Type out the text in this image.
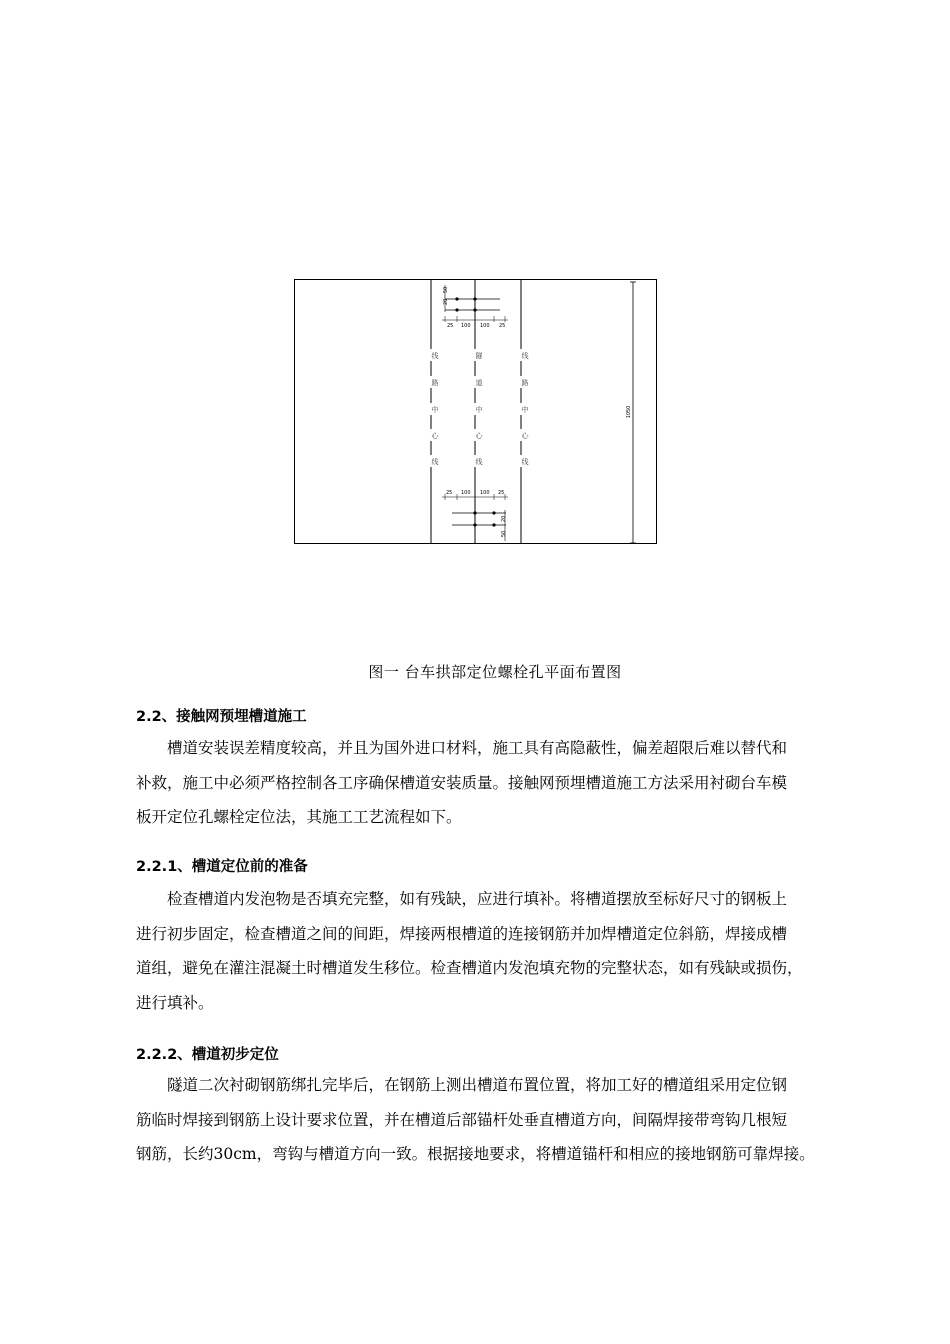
1050
25 100 100 25
50
20
25 100 100 25
20
50
线
路
中
心
线
隧
道
中
心
线
线
路
中
心
线
图一 台车拱部定位螺栓孔平面布置图
2.2、接触网预埋槽道施工
　　槽道安装误差精度较高，并且为国外进口材料，施工具有高隐蔽性，偏差超限后难以替代和
补救，施工中必须严格控制各工序确保槽道安装质量。接触网预埋槽道施工方法采用衬砌台车模
板开定位孔螺栓定位法，其施工工艺流程如下。
2.2.1、槽道定位前的准备
　　检查槽道内发泡物是否填充完整，如有残缺，应进行填补。将槽道摆放至标好尺寸的钢板上
进行初步固定，检查槽道之间的间距，焊接两根槽道的连接钢筋并加焊槽道定位斜筋，焊接成槽
道组，避免在灌注混凝土时槽道发生移位。检查槽道内发泡填充物的完整状态，如有残缺或损伤，
进行填补。
2.2.2、槽道初步定位
　　隧道二次衬砌钢筋绑扎完毕后，在钢筋上测出槽道布置位置，将加工好的槽道组采用定位钢
筋临时焊接到钢筋上设计要求位置，并在槽道后部锚杆处垂直槽道方向，间隔焊接带弯钩几根短
钢筋，长约30cm，弯钩与槽道方向一致。根据接地要求，将槽道锚杆和相应的接地钢筋可靠焊接。
